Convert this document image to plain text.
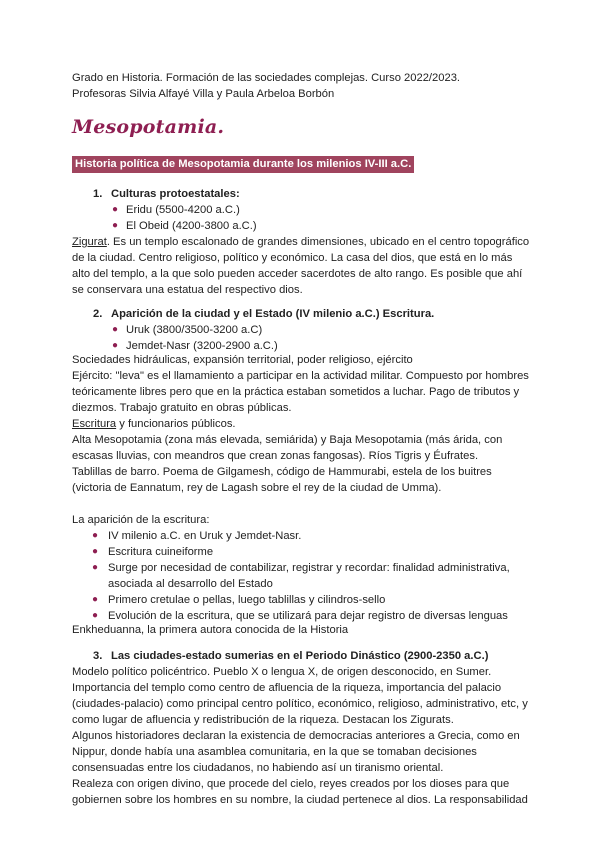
Grado en Historia. Formación de las sociedades complejas. Curso 2022/2023.
Profesoras Silvia Alfayé Villa y Paula Arbeloa Borbón
Mesopotamia.
Historia política de Mesopotamia durante los milenios IV-III a.C.
1. Culturas protoestatales:
● Eridu (5500-4200 a.C.)
● El Obeid (4200-3800 a.C.)
Zigurat. Es un templo escalonado de grandes dimensiones, ubicado en el centro topográfico
de la ciudad. Centro religioso, político y económico. La casa del dios, que está en lo más
alto del templo, a la que solo pueden acceder sacerdotes de alto rango. Es posible que ahí
se conservara una estatua del respectivo dios.
2. Aparición de la ciudad y el Estado (IV milenio a.C.) Escritura.
● Uruk (3800/3500-3200 a.C)
● Jemdet-Nasr (3200-2900 a.C.)
Sociedades hidráulicas, expansión territorial, poder religioso, ejército
Ejército: "leva" es el llamamiento a participar en la actividad militar. Compuesto por hombres
teóricamente libres pero que en la práctica estaban sometidos a luchar. Pago de tributos y
diezmos. Trabajo gratuito en obras públicas.
Escritura y funcionarios públicos.
Alta Mesopotamia (zona más elevada, semiárida) y Baja Mesopotamia (más árida, con
escasas lluvias, con meandros que crean zonas fangosas). Ríos Tigris y Éufrates.
Tablillas de barro. Poema de Gilgamesh, código de Hammurabi, estela de los buitres
(victoria de Eannatum, rey de Lagash sobre el rey de la ciudad de Umma).
La aparición de la escritura:
● IV milenio a.C. en Uruk y Jemdet-Nasr.
● Escritura cuineiforme
● Surge por necesidad de contabilizar, registrar y recordar: finalidad administrativa,
asociada al desarrollo del Estado
● Primero cretulae o pellas, luego tablillas y cilindros-sello
● Evolución de la escritura, que se utilizará para dejar registro de diversas lenguas
Enkheduanna, la primera autora conocida de la Historia
3. Las ciudades-estado sumerias en el Periodo Dinástico (2900-2350 a.C.)
Modelo político policéntrico. Pueblo X o lengua X, de origen desconocido, en Sumer.
Importancia del templo como centro de afluencia de la riqueza, importancia del palacio
(ciudades-palacio) como principal centro político, económico, religioso, administrativo, etc, y
como lugar de afluencia y redistribución de la riqueza. Destacan los Zigurats.
Algunos historiadores declaran la existencia de democracias anteriores a Grecia, como en
Nippur, donde había una asamblea comunitaria, en la que se tomaban decisiones
consensuadas entre los ciudadanos, no habiendo así un tiranismo oriental.
Realeza con origen divino, que procede del cielo, reyes creados por los dioses para que
gobiernen sobre los hombres en su nombre, la ciudad pertenece al dios. La responsabilidad
